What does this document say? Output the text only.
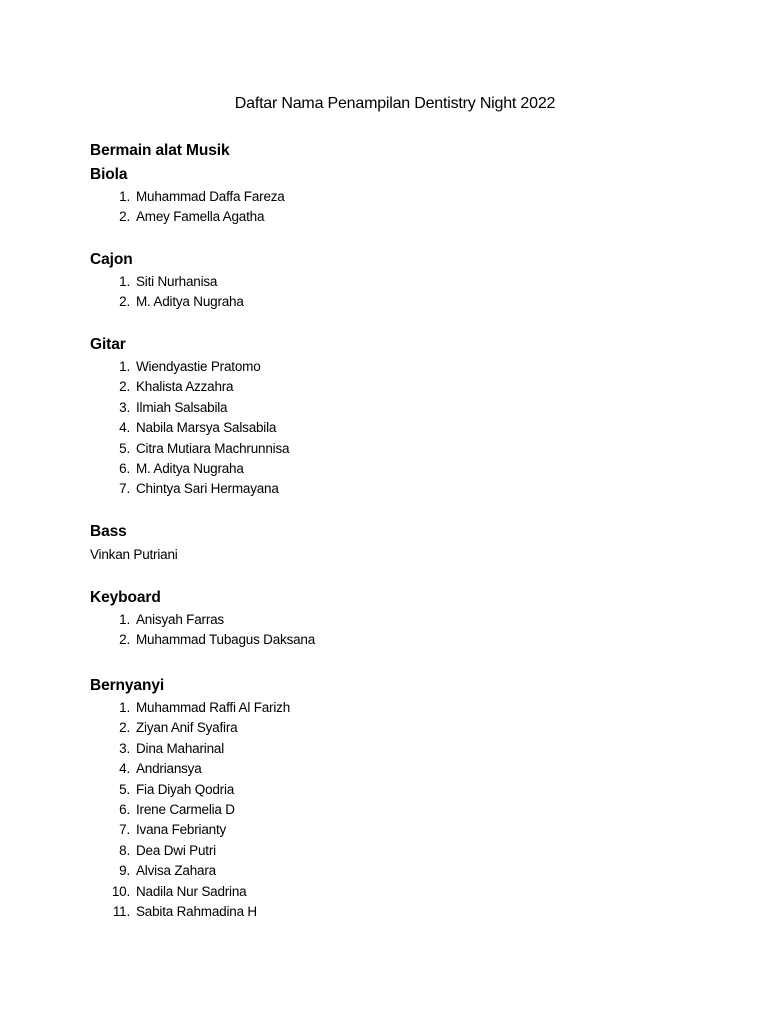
Daftar Nama Penampilan Dentistry Night 2022
Bermain alat Musik
Biola
1. Muhammad Daffa Fareza
2. Amey Famella Agatha
Cajon
1. Siti Nurhanisa
2. M. Aditya Nugraha
Gitar
1. Wiendyastie Pratomo
2. Khalista Azzahra
3. Ilmiah Salsabila
4. Nabila Marsya Salsabila
5. Citra Mutiara Machrunnisa
6. M. Aditya Nugraha
7. Chintya Sari Hermayana
Bass
Vinkan Putriani
Keyboard
1. Anisyah Farras
2. Muhammad Tubagus Daksana
Bernyanyi
1. Muhammad Raffi Al Farizh
2. Ziyan Anif Syafira
3. Dina Maharinal
4. Andriansya
5. Fia Diyah Qodria
6. Irene Carmelia D
7. Ivana Febrianty
8. Dea Dwi Putri
9. Alvisa Zahara
10. Nadila Nur Sadrina
11. Sabita Rahmadina H
